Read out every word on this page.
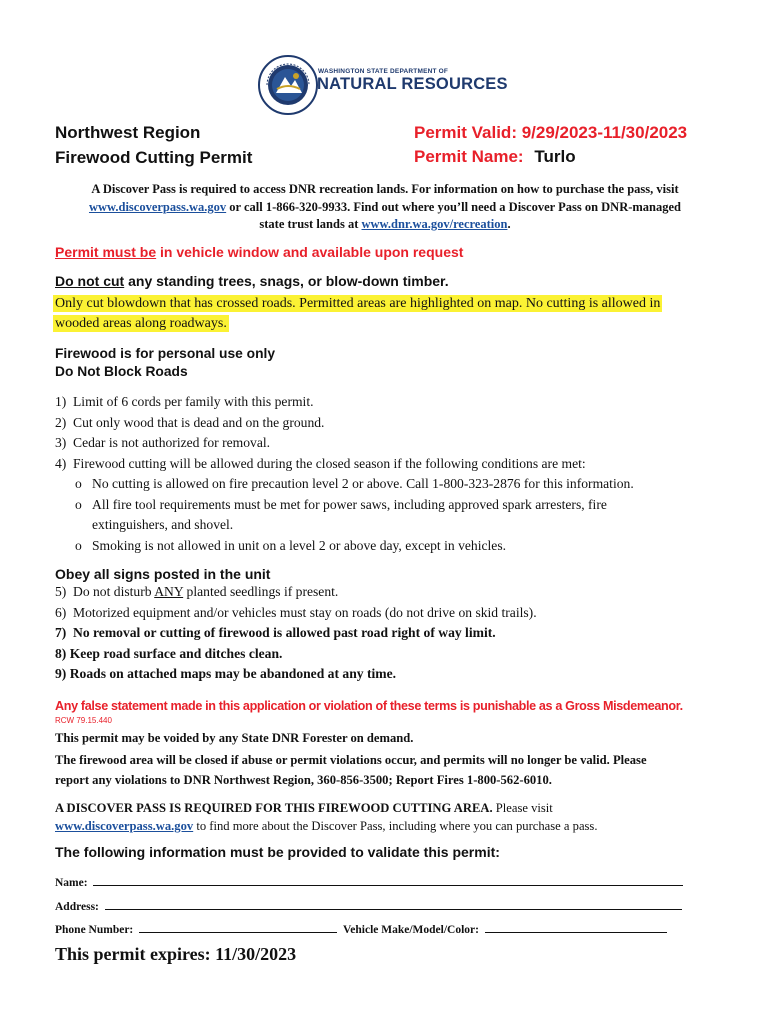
WASHINGTON STATE DEPARTMENT OF
NATURAL RESOURCES
Northwest Region
Firewood Cutting Permit
Permit Valid: 9/29/2023-11/30/2023
Permit Name: Turlo
A Discover Pass is required to access DNR recreation lands. For information on how to purchase the pass, visit
www.discoverpass.wa.gov or call 1-866-320-9933. Find out where you’ll need a Discover Pass on DNR-managed
state trust lands at www.dnr.wa.gov/recreation.
Permit must be in vehicle window and available upon request
Do not cut any standing trees, snags, or blow-down timber.
Only cut blowdown that has crossed roads. Permitted areas are highlighted on map. No cutting is allowed in
wooded areas along roadways.
Firewood is for personal use only
Do Not Block Roads
1) Limit of 6 cords per family with this permit.
2) Cut only wood that is dead and on the ground.
3) Cedar is not authorized for removal.
4) Firewood cutting will be allowed during the closed season if the following conditions are met:
o No cutting is allowed on fire precaution level 2 or above. Call 1-800-323-2876 for this information.
o All fire tool requirements must be met for power saws, including approved spark arresters, fire
extinguishers, and shovel.
o Smoking is not allowed in unit on a level 2 or above day, except in vehicles.
Obey all signs posted in the unit
5) Do not disturb ANY planted seedlings if present.
6) Motorized equipment and/or vehicles must stay on roads (do not drive on skid trails).
7) No removal or cutting of firewood is allowed past road right of way limit.
8) Keep road surface and ditches clean.
9) Roads on attached maps may be abandoned at any time.
Any false statement made in this application or violation of these terms is punishable as a Gross Misdemeanor.
RCW 79.15.440
This permit may be voided by any State DNR Forester on demand.
The firewood area will be closed if abuse or permit violations occur, and permits will no longer be valid. Please
report any violations to DNR Northwest Region, 360-856-3500; Report Fires 1-800-562-6010.
A DISCOVER PASS IS REQUIRED FOR THIS FIREWOOD CUTTING AREA. Please visit
www.discoverpass.wa.gov to find more about the Discover Pass, including where you can purchase a pass.
The following information must be provided to validate this permit:
Name:
Address:
Phone Number:	Vehicle Make/Model/Color:
This permit expires: 11/30/2023
